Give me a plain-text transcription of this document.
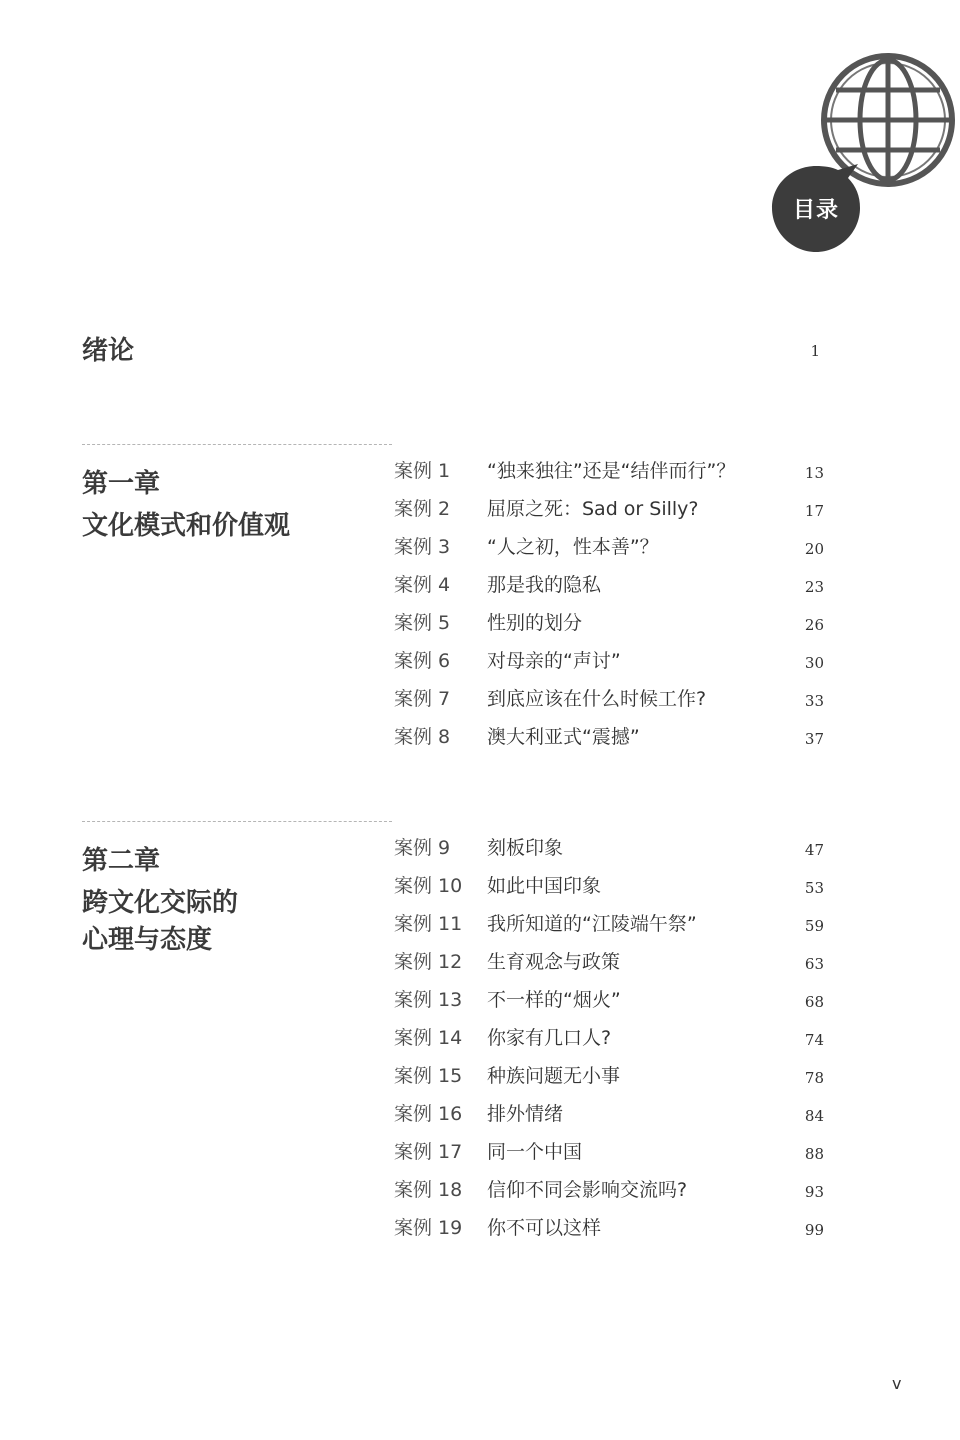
目录
绪论	1

第一章

文化模式和价值观

案例 1 “独来独往”还是“结伴而行”？	13
案例 2 屈原之死：Sad or Silly?	17
案例 3 “人之初，性本善”？	20
案例 4 那是我的隐私	23
案例 5 性别的划分	26
案例 6 对母亲的“声讨”	30
案例 7 到底应该在什么时候工作?	33
案例 8 澳大利亚式“震撼”	37

第二章

跨文化交际的

心理与态度

案例 9 刻板印象	47
案例 10 如此中国印象	53
案例 11 我所知道的“江陵端午祭”	59
案例 12 生育观念与政策	63
案例 13 不一样的“烟火”	68
案例 14 你家有几口人?	74
案例 15 种族问题无小事	78
案例 16 排外情绪	84
案例 17 同一个中国	88
案例 18 信仰不同会影响交流吗?	93
案例 19 你不可以这样	99
v
